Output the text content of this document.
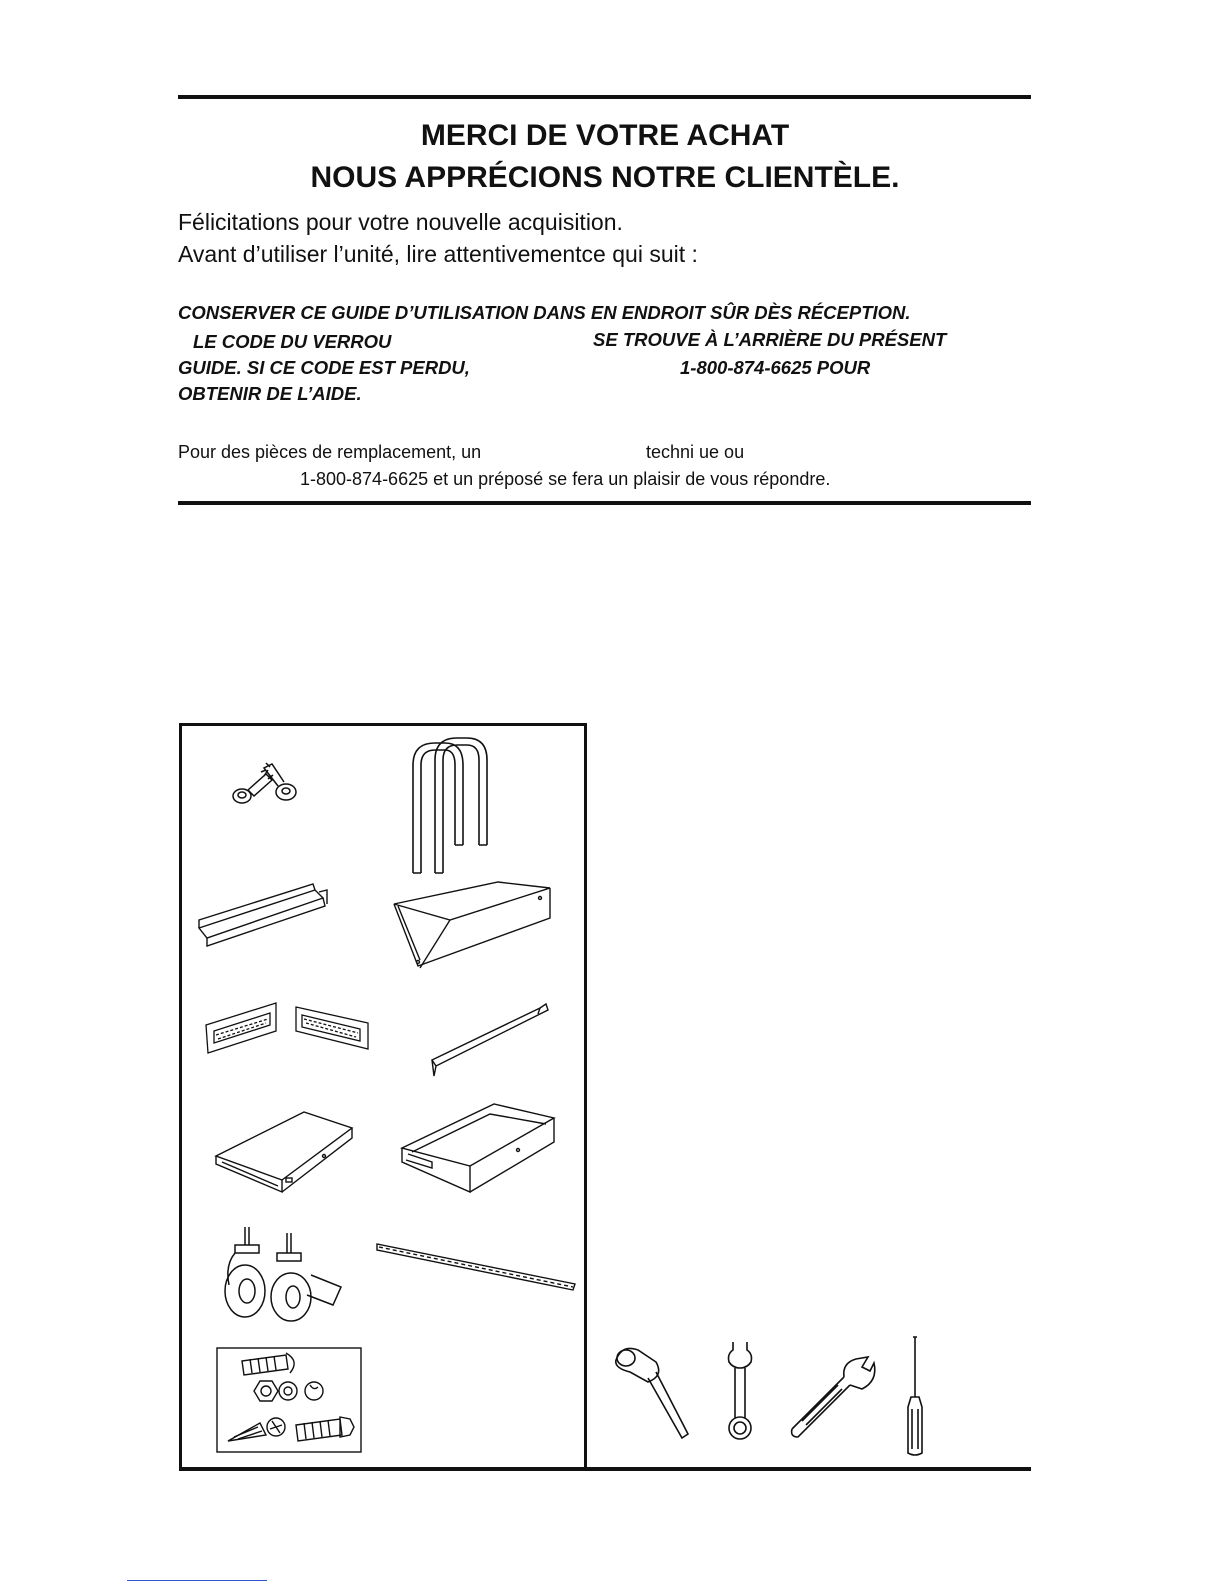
MERCI DE VOTRE ACHAT
NOUS APPRÉCIONS NOTRE CLIENTÈLE.
Félicitations pour votre nouvelle acquisition.
Avant d’utiliser l’unité, lire attentivementce qui suit :
CONSERVER CE GUIDE D’UTILISATION DANS EN ENDROIT SÛR DÈS RÉCEPTION.
LE CODE DU VERROU	SE TROUVE À L’ARRIÈRE DU PRÉSENT
GUIDE. SI CE CODE EST PERDU,	1-800-874-6625 POUR
OBTENIR DE L’AIDE.
Pour des pièces de remplacement, un	techni ue ou
1-800-874-6625 et un préposé se fera un plaisir de vous répondre.
